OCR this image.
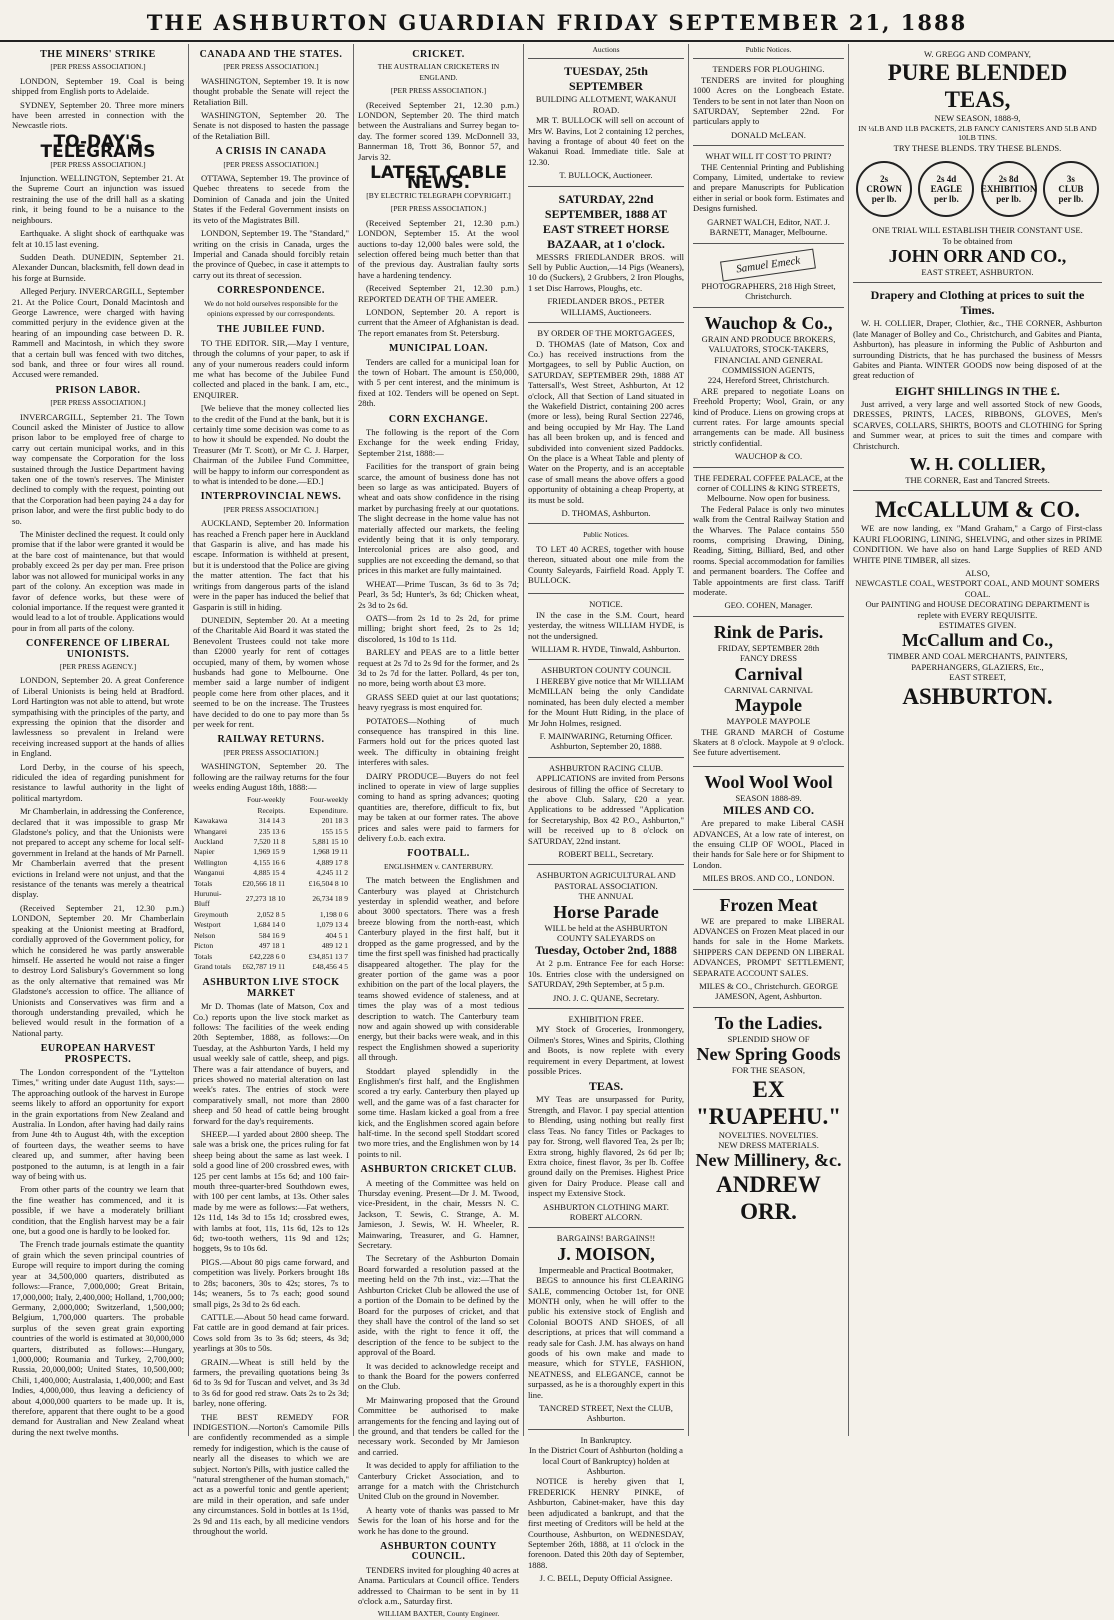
THE ASHBURTON GUARDIAN FRIDAY SEPTEMBER 21, 1888
THE MINERS' STRIKE
[PER PRESS ASSOCIATION.]

LONDON, September 19. Coal is being shipped from English ports to Adelaide.

SYDNEY, September 20. Three more miners have been arrested in connection with the Newcastle riots.

TO-DAY'S TELEGRAMS
[PER PRESS ASSOCIATION.]

Injunction. WELLINGTON, September 21. At the Supreme Court an injunction was issued restraining the use of the drill hall as a skating rink, it being found to be a nuisance to the neighbours.

Earthquake. A slight shock of earthquake was felt at 10.15 last evening.

Sudden Death. DUNEDIN, September 21. Alexander Duncan, blacksmith, fell down dead in his forge at Burnside.

Alleged Perjury. INVERCARGILL, September 21. At the Police Court, Donald Macintosh and George Lawrence, were charged with having committed perjury in the evidence given at the hearing of an impounding case between D. R. Rammell and Macintosh, in which they swore that a certain bull was fenced with two ditches, sod bank, and three or four wires all round. Accused were remanded.

PRISON LABOR.
[PER PRESS ASSOCIATION.]

INVERCARGILL, September 21. The Town Council asked the Minister of Justice to allow prison labor to be employed free of charge to carry out certain municipal works, and in this way compensate the Corporation for the loss sustained through the Justice Department having taken one of the town's reserves. The Minister declined to comply with the request, pointing out that the Corporation had been paying 24 a day for prison labor, and were the first public body to do so.

The Minister declined the request. It could only promise that if the labor were granted it would be at the bare cost of maintenance, but that would probably exceed 2s per day per man. Free prison labor was not allowed for municipal works in any part of the colony. An exception was made in favor of defence works, but these were of colonial importance. If the request were granted it would lead to a lot of trouble. Applications would pour in from all parts of the colony.

CONFERENCE OF LIBERAL UNIONISTS.
[PER PRESS AGENCY.]

LONDON, September 20. A great Conference of Liberal Unionists is being held at Bradford. Lord Hartington was not able to attend, but wrote sympathising with the principles of the party, and expressing the opinion that the disorder and lawlessness so prevalent in Ireland were receiving increased support at the hands of allies in England.

Lord Derby, in the course of his speech, ridiculed the idea of regarding punishment for resistance to lawful authority in the light of political martyrdom.

Mr Chamberlain, in addressing the Conference, declared that it was impossible to grasp Mr Gladstone's policy, and that the Unionists were not prepared to accept any scheme for local self-government in Ireland at the hands of Mr Parnell. Mr Chamberlain averred that the present evictions in Ireland were not unjust, and that the resistance of the tenants was merely a theatrical display.

(Received September 21, 12.30 p.m.) LONDON, September 20. Mr Chamberlain speaking at the Unionist meeting at Bradford, cordially approved of the Government policy, for which he considered he was partly answerable himself. He asserted he would not raise a finger to destroy Lord Salisbury's Government so long as the only alternative that remained was Mr Gladstone's accession to office. The alliance of Unionists and Conservatives was firm and a thorough understanding prevailed, which he believed would result in the formation of a National party.

EUROPEAN HARVEST PROSPECTS.

The London correspondent of the "Lyttelton Times," writing under date August 11th, says:—The approaching outlook of the harvest in Europe seems likely to afford an opportunity for export in the grain exportations from New Zealand and Australia. In London, after having had daily rains from June 4th to August 4th, with the exception of fourteen days, the weather seems to have cleared up, and summer, after having been postponed to the autumn, is at length in a fair way of being with us.

From other parts of the country we learn that the fine weather has commenced, and it is possible, if we have a moderately brilliant condition, that the English harvest may be a fair one, but a good one is hardly to be looked for.

The French trade journals estimate the quantity of grain which the seven principal countries of Europe will require to import during the coming year at 34,500,000 quarters, distributed as follows:—France, 7,000,000; Great Britain, 17,000,000; Italy, 2,400,000; Holland, 1,700,000; Germany, 2,000,000; Switzerland, 1,500,000; Belgium, 1,700,000 quarters. The probable surplus of the seven great grain exporting countries of the world is estimated at 30,000,000 quarters, distributed as follows:—Hungary, 1,000,000; Roumania and Turkey, 2,700,000; Russia, 20,000,000; United States, 10,500,000; Chili, 1,400,000; Australasia, 1,400,000; and East Indies, 4,000,000, thus leaving a deficiency of about 4,000,000 quarters to be made up. It is, therefore, apparent that there ought to be a good demand for Australian and New Zealand wheat during the next twelve months.

CANADA AND THE STATES.
[PER PRESS ASSOCIATION.]

WASHINGTON, September 19. It is now thought probable the Senate will reject the Retaliation Bill.

WASHINGTON, September 20. The Senate is not disposed to hasten the passage of the Retaliation Bill.

A CRISIS IN CANADA
[PER PRESS ASSOCIATION.]

OTTAWA, September 19. The province of Quebec threatens to secede from the Dominion of Canada and join the United States if the Federal Government insists on its veto of the Magistrates Bill.

LONDON, September 19. The "Standard," writing on the crisis in Canada, urges the Imperial and Canada should forcibly retain the province of Quebec, in case it attempts to carry out its threat of secession.

CORRESPONDENCE.
We do not hold ourselves responsible for the opinions expressed by our correspondents.
THE JUBILEE FUND.

TO THE EDITOR. SIR,—May I venture, through the columns of your paper, to ask if any of your numerous readers could inform me what has become of the Jubilee Fund collected and placed in the bank. I am, etc., ENQUIRER.

[We believe that the money collected lies to the credit of the Fund at the bank, but it is certainly time some decision was come to as to how it should be expended. No doubt the Treasurer (Mr T. Scott), or Mr C. J. Harper, Chairman of the Jubilee Fund Committee, will be happy to inform our correspondent as to what is intended to be done.—ED.]

INTERPROVINCIAL NEWS.
[PER PRESS ASSOCIATION.]

AUCKLAND, September 20. Information has reached a French paper here in Auckland that Gasparin is alive, and has made his escape. Information is withheld at present, but it is understood that the Police are giving the matter attention. The fact that his writings from dangerous parts of the island were in the paper has induced the belief that Gasparin is still in hiding.

DUNEDIN, September 20. At a meeting of the Charitable Aid Board it was stated the Benevolent Trustees could not take more than £2000 yearly for rent of cottages occupied, many of them, by women whose husbands had gone to Melbourne. One member said a large number of indigent people come here from other places, and it seemed to be on the increase. The Trustees have decided to do one to pay more than 5s per week for rent.

RAILWAY RETURNS.
[PER PRESS ASSOCIATION.]

WASHINGTON, September 20. The following are the railway returns for the four weeks ending August 18th, 1888:—

	Four-weekly Receipts.	Four-weekly Expenditure.
Kawakawa	314 14 3	201 18 3
Whangarei	235 13 6	155 15 5
Auckland	7,520 11 8	5,881 15 10
Napier	1,969 15 9	1,968 19 11
Wellington	4,155 16 6	4,889 17 8
Wanganui	4,885 15 4	4,245 11 2
Totals	£20,566 18 11	£16,504 8 10
Hurunui-Bluff	27,273 18 10	26,734 18 9
Greymouth	2,052 8 5	1,198 0 6
Westport	1,684 14 0	1,079 13 4
Nelson	584 16 9	404 5 1
Picton	497 18 1	489 12 1
Totals	£42,228 6 0	£34,851 13 7
Grand totals	£62,787 19 11	£48,456 4 5
ASHBURTON LIVE STOCK MARKET

Mr D. Thomas (late of Matson, Cox and Co.) reports upon the live stock market as follows: The facilities of the week ending 20th September, 1888, as follows:—On Tuesday, at the Ashburton Yards, I held my usual weekly sale of cattle, sheep, and pigs. There was a fair attendance of buyers, and prices showed no material alteration on last week's rates. The entries of stock were comparatively small, not more than 2800 sheep and 50 head of cattle being brought forward for the day's requirements.

SHEEP.—I yarded about 2800 sheep. The sale was a brisk one, the prices ruling for fat sheep being about the same as last week. I sold a good line of 200 crossbred ewes, with 125 per cent lambs at 15s 6d; and 100 fair-mouth three-quarter-bred Southdown ewes, with 100 per cent lambs, at 13s. Other sales made by me were as follows:—Fat wethers, 12s 11d, 14s 3d to 15s 1d; crossbred ewes, with lambs at foot, 11s, 11s 6d, 12s to 12s 6d; two-tooth wethers, 11s 9d and 12s; hoggets, 9s to 10s 6d.

PIGS.—About 80 pigs came forward, and competition was lively. Porkers brought 18s to 28s; baconers, 30s to 42s; stores, 7s to 14s; weaners, 5s to 7s each; good sound small pigs, 2s 3d to 2s 6d each.

CATTLE.—About 50 head came forward. Fat cattle are in good demand at fair prices. Cows sold from 3s to 3s 6d; steers, 4s 3d; yearlings at 30s to 50s.

GRAIN.—Wheat is still held by the farmers, the prevailing quotations being 3s 6d to 3s 9d for Tuscan and velvet, and 3s 3d to 3s 6d for good red straw. Oats 2s to 2s 3d; barley, none offering.

THE BEST REMEDY FOR INDIGESTION.—Norton's Camomile Pills are confidently recommended as a simple remedy for indigestion, which is the cause of nearly all the diseases to which we are subject. Norton's Pills, with justice called the "natural strengthener of the human stomach," act as a powerful tonic and gentle aperient; are mild in their operation, and safe under any circumstances. Sold in bottles at 1s 1½d, 2s 9d and 11s each, by all medicine vendors throughout the world.

CRICKET.
THE AUSTRALIAN CRICKETERS IN ENGLAND.
[PER PRESS ASSOCIATION.]

(Received September 21, 12.30 p.m.) LONDON, September 20. The third match between the Australians and Surrey began to-day. The former scored 139. McDonnell 33, Bannerman 18, Trott 36, Bonnor 57, and Jarvis 32.

LATEST CABLE NEWS.
[BY ELECTRIC TELEGRAPH COPYRIGHT.]
[PER PRESS ASSOCIATION.]

(Received September 21, 12.30 p.m.) LONDON, September 15. At the wool auctions to-day 12,000 bales were sold, the selection offered being much better than that of the previous day. Australian faulty sorts have a hardening tendency.

(Received September 21, 12.30 p.m.) REPORTED DEATH OF THE AMEER.

LONDON, September 20. A report is current that the Ameer of Afghanistan is dead. The report emanates from St. Petersburg.

MUNICIPAL LOAN.

Tenders are called for a municipal loan for the town of Hobart. The amount is £50,000, with 5 per cent interest, and the minimum is fixed at 102. Tenders will be opened on Sept. 28th.

CORN EXCHANGE.

The following is the report of the Corn Exchange for the week ending Friday, September 21st, 1888:—

Facilities for the transport of grain being scarce, the amount of business done has not been so large as was anticipated. Buyers of wheat and oats show confidence in the rising market by purchasing freely at our quotations. The slight decrease in the home value has not materially affected our markets, the feeling evidently being that it is only temporary. Intercolonial prices are also good, and supplies are not exceeding the demand, so that prices in this market are fully maintained.

WHEAT—Prime Tuscan, 3s 6d to 3s 7d; Pearl, 3s 5d; Hunter's, 3s 6d; Chicken wheat, 2s 3d to 2s 6d.

OATS—from 2s 1d to 2s 2d, for prime milling; bright short feed, 2s to 2s 1d; discolored, 1s 10d to 1s 11d.

BARLEY and PEAS are to a little better request at 2s 7d to 2s 9d for the former, and 2s 3d to 2s 7d for the latter. Pollard, 4s per ton, no more, being worth about £3 more.

GRASS SEED quiet at our last quotations; heavy ryegrass is most enquired for.

POTATOES—Nothing of much consequence has transpired in this line. Farmers hold out for the prices quoted last week. The difficulty in obtaining freight interferes with sales.

DAIRY PRODUCE—Buyers do not feel inclined to operate in view of large supplies coming to hand as spring advances; quoting quantities are, therefore, difficult to fix, but may be taken at our former rates. The above prices and sales were paid to farmers for delivery f.o.b. each extra.

FOOTBALL.
ENGLISHMEN v. CANTERBURY.

The match between the Englishmen and Canterbury was played at Christchurch yesterday in splendid weather, and before about 3000 spectators. There was a fresh breeze blowing from the north-east, which Canterbury played in the first half, but it dropped as the game progressed, and by the time the first spell was finished had practically disappeared altogether. The play for the greater portion of the game was a poor exhibition on the part of the local players, the teams showed evidence of staleness, and at times the play was of a most tedious description to watch. The Canterbury team now and again showed up with considerable energy, but their backs were weak, and in this respect the Englishmen showed a superiority all through.

Stoddart played splendidly in the Englishmen's first half, and the Englishmen scored a try early. Canterbury then played up well, and the game was of a fast character for some time. Haslam kicked a goal from a free kick, and the Englishmen scored again before half-time. In the second spell Stoddart scored two more tries, and the Englishmen won by 14 points to nil.

ASHBURTON CRICKET CLUB.

A meeting of the Committee was held on Thursday evening. Present—Dr J. M. Twood, vice-President, in the chair, Messrs N. C. Jackson, T. Sewis, C. Strange, A. M. Jamieson, J. Sewis, W. H. Wheeler, R. Mainwaring, Treasurer, and G. Hamner, Secretary.

The Secretary of the Ashburton Domain Board forwarded a resolution passed at the meeting held on the 7th inst., viz:—That the Ashburton Cricket Club be allowed the use of a portion of the Domain to be defined by the Board for the purposes of cricket, and that they shall have the control of the land so set aside, with the right to fence it off, the description of the fence to be subject to the approval of the Board.

It was decided to acknowledge receipt and to thank the Board for the powers conferred on the Club.

Mr Mainwaring proposed that the Ground Committee be authorised to make arrangements for the fencing and laying out of the ground, and that tenders be called for the necessary work. Seconded by Mr Jamieson and carried.

It was decided to apply for affiliation to the Canterbury Cricket Association, and to arrange for a match with the Christchurch United Club on the ground in November.

A hearty vote of thanks was passed to Mr Sewis for the loan of his horse and for the work he has done to the ground.

ASHBURTON COUNTY COUNCIL.

TENDERS invited for ploughing 40 acres at Anama. Particulars at Council office. Tenders addressed to Chairman to be sent in by 11 o'clock a.m., Saturday first.

WILLIAM BAXTER, County Engineer.
Auctions
TUESDAY, 25th SEPTEMBER
BUILDING ALLOTMENT, WAKANUI ROAD.

MR T. BULLOCK will sell on account of Mrs W. Bavins, Lot 2 containing 12 perches, having a frontage of about 40 feet on the Wakanui Road. Immediate title. Sale at 12.30.

T. BULLOCK, Auctioneer.
SATURDAY, 22nd SEPTEMBER, 1888 AT EAST STREET HORSE BAZAAR, at 1 o'clock.

MESSRS FRIEDLANDER BROS. will Sell by Public Auction,—14 Pigs (Weaners), 10 do (Suckers), 2 Grubbers, 2 Iron Ploughs, 1 set Disc Harrows, Ploughs, etc.

FRIEDLANDER BROS., PETER WILLIAMS, Auctioneers.
BY ORDER OF THE MORTGAGEES,

D. THOMAS (late of Matson, Cox and Co.) has received instructions from the Mortgagees, to sell by Public Auction, on SATURDAY, SEPTEMBER 29th, 1888 AT Tattersall's, West Street, Ashburton, At 12 o'clock, All that Section of Land situated in the Wakefield District, containing 200 acres (more or less), being Rural Section 22746, and being occupied by Mr Hay. The Land has all been broken up, and is fenced and subdivided into convenient sized Paddocks. On the place is a Wheat Table and plenty of Water on the Property, and is an acceptable case of small means the above offers a good opportunity of obtaining a cheap Property, at its must be sold.

D. THOMAS, Ashburton.
Public Notices.

TO LET 40 ACRES, together with house thereon, situated about one mile from the County Saleyards, Fairfield Road. Apply T. BULLOCK.

NOTICE.

IN the case in the S.M. Court, heard yesterday, the witness WILLIAM HYDE, is not the undersigned.

WILLIAM R. HYDE, Tinwald, Ashburton.
ASHBURTON COUNTY COUNCIL

I HEREBY give notice that Mr WILLIAM McMILLAN being the only Candidate nominated, has been duly elected a member for the Mount Hutt Riding, in the place of Mr John Holmes, resigned.

F. MAINWARING, Returning Officer. Ashburton, September 20, 1888.
ASHBURTON RACING CLUB.

APPLICATIONS are invited from Persons desirous of filling the office of Secretary to the above Club. Salary, £20 a year. Applications to be addressed "Application for Secretaryship, Box 42 P.O., Ashburton," will be received up to 8 o'clock on SATURDAY, 22nd instant.

ROBERT BELL, Secretary.
ASHBURTON AGRICULTURAL AND PASTORAL ASSOCIATION.
THE ANNUAL
Horse Parade
WILL be held at the ASHBURTON COUNTY SALEYARDS on
Tuesday, October 2nd, 1888

At 2 p.m. Entrance Fee for each Horse: 10s. Entries close with the undersigned on SATURDAY, 29th September, at 5 p.m.

JNO. J. C. QUANE, Secretary.
EXHIBITION FREE.

MY Stock of Groceries, Ironmongery, Oilmen's Stores, Wines and Spirits, Clothing and Boots, is now replete with every requirement in every Department, at lowest possible Prices.

TEAS.

MY Teas are unsurpassed for Purity, Strength, and Flavor. I pay special attention to Blending, using nothing but really first class Teas. No fancy Titles or Packages to pay for. Strong, well flavored Tea, 2s per lb; Extra strong, highly flavored, 2s 6d per lb; Extra choice, finest flavor, 3s per lb. Coffee ground daily on the Premises. Highest Price given for Dairy Produce. Please call and inspect my Extensive Stock.

ASHBURTON CLOTHING MART.
ROBERT ALCORN.
BARGAINS! BARGAINS!!
J. MOISON,
Impermeable and Practical Bootmaker,

BEGS to announce his first CLEARING SALE, commencing October 1st, for ONE MONTH only, when he will offer to the public his extensive stock of English and Colonial BOOTS AND SHOES, of all descriptions, at prices that will command a ready sale for Cash. J.M. has always on hand goods of his own make and made to measure, which for STYLE, FASHION, NEATNESS, and ELEGANCE, cannot be surpassed, as he is a thoroughly expert in this line.

TANCRED STREET, Next the CLUB, Ashburton.
In Bankruptcy.
In the District Court of Ashburton (holding a local Court of Bankruptcy) holden at Ashburton.

NOTICE is hereby given that I, FREDERICK HENRY PINKE, of Ashburton, Cabinet-maker, have this day been adjudicated a bankrupt, and that the first meeting of Creditors will be held at the Courthouse, Ashburton, on WEDNESDAY, September 26th, 1888, at 11 o'clock in the forenoon. Dated this 20th day of September, 1888.

J. C. BELL, Deputy Official Assignee.
Public Notices.
TENDERS FOR PLOUGHING.

TENDERS are invited for ploughing 1000 Acres on the Longbeach Estate. Tenders to be sent in not later than Noon on SATURDAY, September 22nd. For particulars apply to

DONALD McLEAN.
WHAT WILL IT COST TO PRINT?

THE Centennial Printing and Publishing Company, Limited, undertake to review and prepare Manuscripts for Publication either in serial or book form. Estimates and Designs furnished.

GARNET WALCH, Editor, NAT. J. BARNETT, Manager, Melbourne.
Samuel Emeck
PHOTOGRAPHERS, 218 High Street, Christchurch.
Wauchop & Co.,
GRAIN AND PRODUCE BROKERS, VALUATORS, STOCK-TAKERS, FINANCIAL AND GENERAL COMMISSION AGENTS,
224, Hereford Street, Christchurch.

ARE prepared to negotiate Loans on Freehold Property; Wool, Grain, or any kind of Produce. Liens on growing crops at current rates. For large amounts special arrangements can be made. All business strictly confidential.

WAUCHOP & CO.
THE FEDERAL COFFEE PALACE, at the corner of COLLINS & KING STREETS, Melbourne. Now open for business.

The Federal Palace is only two minutes walk from the Central Railway Station and the Wharves. The Palace contains 550 rooms, comprising Drawing, Dining, Reading, Sitting, Billiard, Bed, and other rooms. Special accommodation for families and permanent boarders. The Coffee and Table appointments are first class. Tariff moderate.

GEO. COHEN, Manager.
Rink de Paris.
FRIDAY, SEPTEMBER 28th
FANCY DRESS
Carnival
CARNIVAL CARNIVAL
Maypole
MAYPOLE MAYPOLE

THE GRAND MARCH of Costume Skaters at 8 o'clock. Maypole at 9 o'clock. See future advertisement.

Wool Wool Wool
SEASON 1888-89.
MILES AND CO.

Are prepared to make Liberal CASH ADVANCES, At a low rate of interest, on the ensuing CLIP OF WOOL, Placed in their hands for Sale here or for Shipment to London.

MILES BROS. AND CO., LONDON.
Frozen Meat

WE are prepared to make LIBERAL ADVANCES on Frozen Meat placed in our hands for sale in the Home Markets. SHIPPERS CAN DEPEND ON LIBERAL ADVANCES, PROMPT SETTLEMENT, SEPARATE ACCOUNT SALES.

MILES & CO., Christchurch. GEORGE JAMESON, Agent, Ashburton.
To the Ladies.
SPLENDID SHOW OF
New Spring Goods
FOR THE SEASON,
EX "RUAPEHU."
NOVELTIES. NOVELTIES.
NEW DRESS MATERIALS.
New Millinery, &c.
ANDREW ORR.
W. GREGG AND COMPANY,
PURE BLENDED TEAS,
NEW SEASON, 1888-9,
IN ¼LB AND 1LB PACKETS, 2LB FANCY CANISTERS AND 5LB AND 10LB TINS.
TRY THESE BLENDS. TRY THESE BLENDS.
2s
CROWN
per lb.
2s 4d
EAGLE
per lb.
2s 8d
EXHIBITION
per lb.
3s
CLUB
per lb.
ONE TRIAL WILL ESTABLISH THEIR CONSTANT USE.
To be obtained from
JOHN ORR AND CO.,
EAST STREET, ASHBURTON.
Drapery and Clothing at prices to suit the Times.

W. H. COLLIER, Draper, Clothier, &c., THE CORNER, Ashburton (late Manager of Bolley and Co., Christchurch, and Gabites and Pianta, Ashburton), has pleasure in informing the Public of Ashburton and surrounding Districts, that he has purchased the business of Messrs Gabites and Pianta. WINTER GOODS now being disposed of at the great reduction of

EIGHT SHILLINGS IN THE £.

Just arrived, a very large and well assorted Stock of new Goods, DRESSES, PRINTS, LACES, RIBBONS, GLOVES, Men's SCARVES, COLLARS, SHIRTS, BOOTS and CLOTHING for Spring and Summer wear, at prices to suit the times and compare with Christchurch.

W. H. COLLIER,
THE CORNER, East and Tancred Streets.
McCALLUM & CO.

WE are now landing, ex "Mand Graham," a Cargo of First-class KAURI FLOORING, LINING, SHELVING, and other sizes in PRIME CONDITION. We have also on hand Large Supplies of RED AND WHITE PINE TIMBER, all sizes.

ALSO,
NEWCASTLE COAL, WESTPORT COAL, AND MOUNT SOMERS COAL.
Our PAINTING and HOUSE DECORATING DEPARTMENT is replete with EVERY REQUISITE.
ESTIMATES GIVEN.
McCallum and Co.,
TIMBER AND COAL MERCHANTS, PAINTERS, PAPERHANGERS, GLAZIERS, Etc.,
EAST STREET,
ASHBURTON.
